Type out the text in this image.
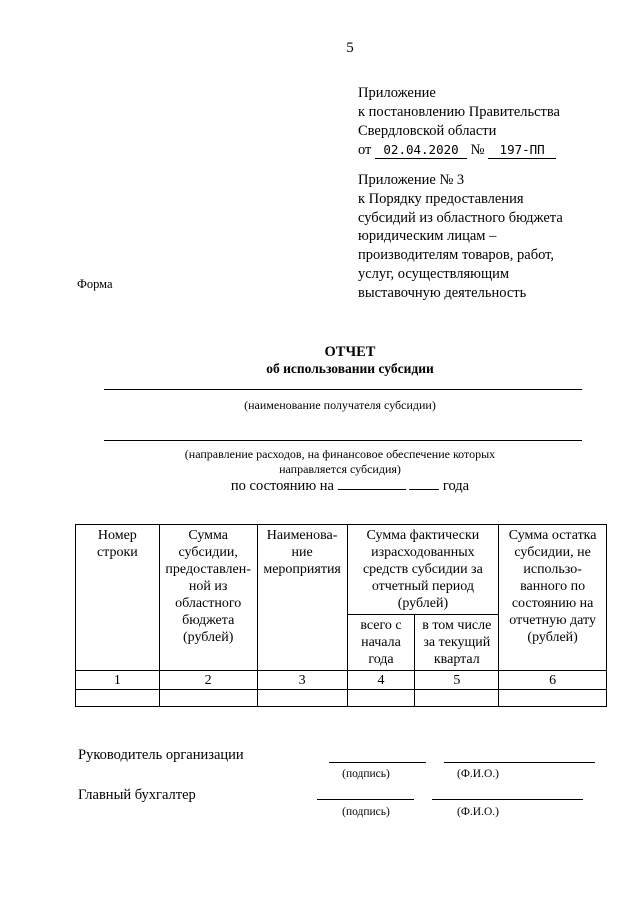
5
Приложение
к постановлению Правительства
Свердловской области
от 02.04.2020 № 197-ПП
Приложение № 3
к Порядку предоставления
субсидий из областного бюджета
юридическим лицам –
производителям товаров, работ,
услуг, осуществляющим
выставочную деятельность
Форма
ОТЧЕТ
об использовании субсидии
(наименование получателя субсидии)
(направление расходов, на финансовое обеспечение которых
направляется субсидия)
по состоянию на	года
Номер строки	Сумма субсидии, предоставлен-ной из областного бюджета (рублей)	Наименова-ние мероприятия	Сумма фактически израсходованных средств субсидии за отчетный период (рублей)		Сумма остатка субсидии, не использо-ванного по состоянию на отчетную дату (рублей)
			всего с начала года	в том числе за текущий квартал	
1	2	3	4	5	6

Руководитель организации
(подпись)	(Ф.И.О.)
Главный бухгалтер
(подпись)	(Ф.И.О.)
